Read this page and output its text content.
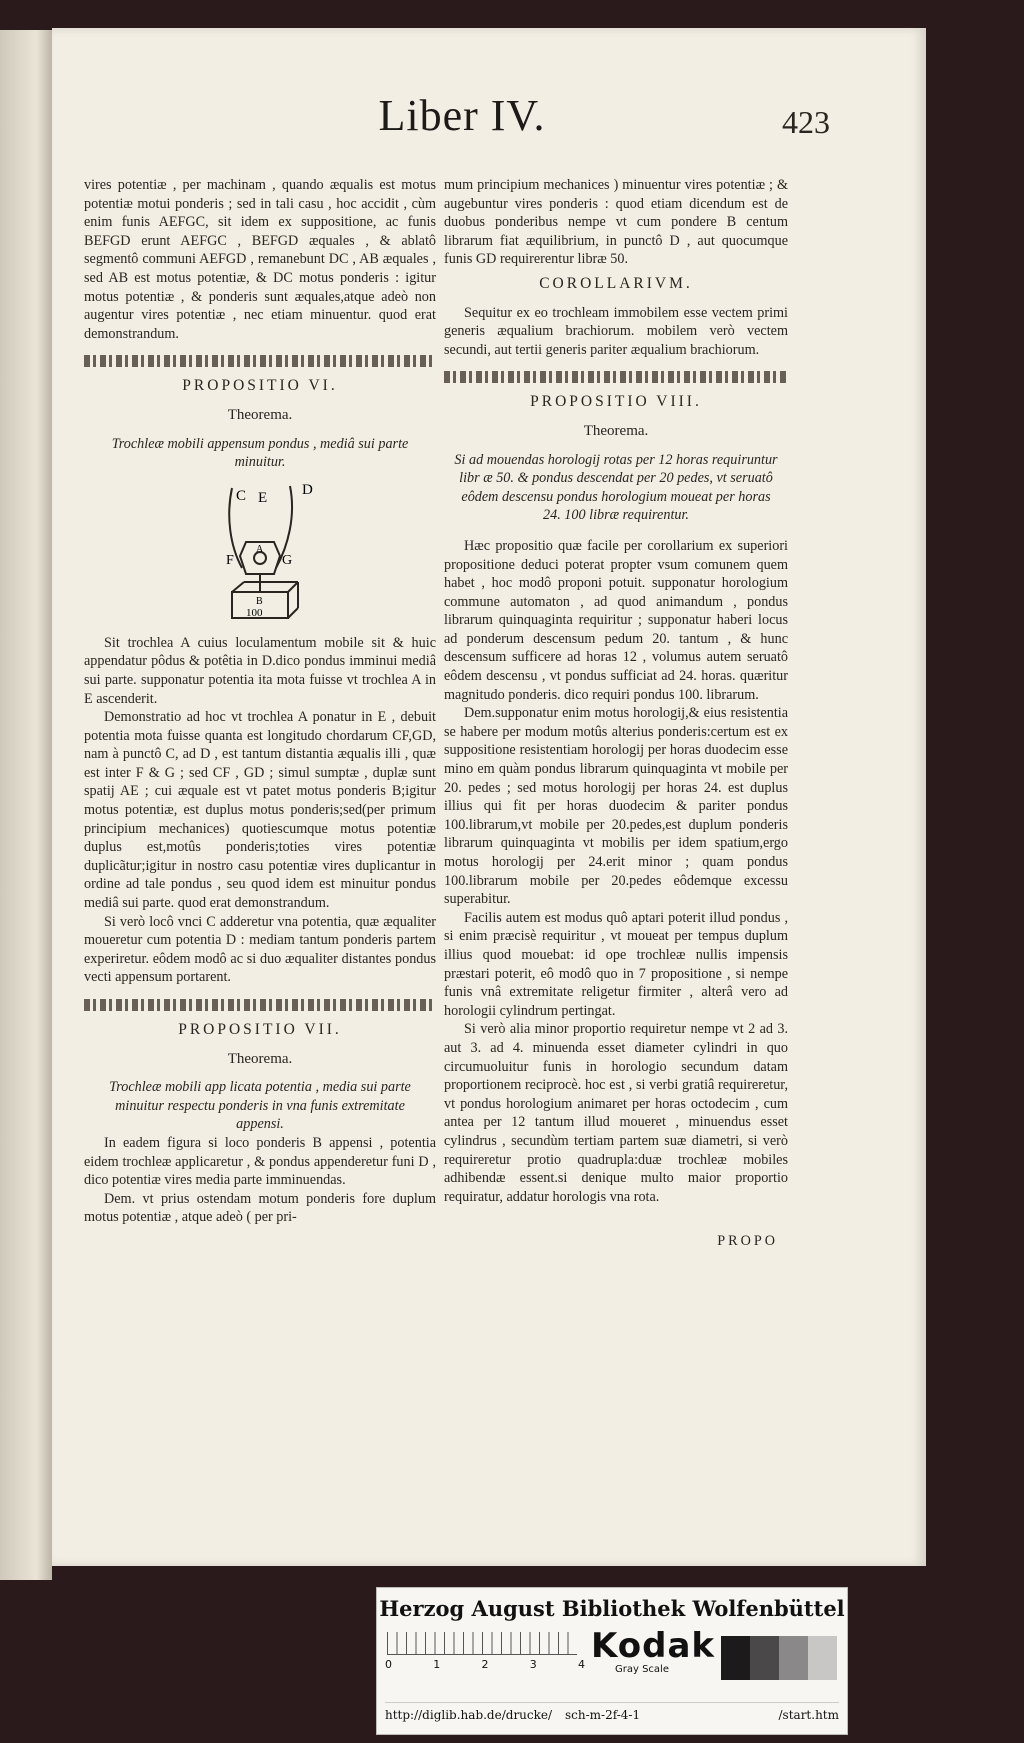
Liber IV.	423

vires potentiæ , per machinam , quando æqualis est motus potentiæ motui ponderis ; sed in tali casu , hoc accidit , cùm enim funis AEFGC, sit idem ex suppositione, ac funis BEFGD erunt AEFGC , BEFGD æquales , & ablatô segmentô communi AEFGD , remanebunt DC , AB æquales , sed AB est motus potentiæ, & DC motus ponderis : igitur motus potentiæ , & ponderis sunt æquales,atque adeò non augentur vires potentiæ , nec etiam minuentur. quod erat demonstrandum.

PROPOSITIO VI.
Theorema.

Trochleæ mobili appensum pondus , mediâ sui parte minuitur.

C E D
F
A
G
B
100

Sit trochlea A cuius loculamentum mobile sit & huic appendatur pôdus & potêtia in D.dico pondus imminui mediâ sui parte. supponatur potentia ita mota fuisse vt trochlea A in E ascenderit.

Demonstratio ad hoc vt trochlea A ponatur in E , debuit potentia mota fuisse quanta est longitudo chordarum CF,GD, nam à punctô C, ad D , est tantum distantia æqualis illi , quæ est inter F & G ; sed CF , GD ; simul sumptæ , duplæ sunt spatij AE ; cui æquale est vt patet motus ponderis B;igitur motus potentiæ, est duplus motus ponderis;sed(per primum principium mechanices) quotiescumque motus potentiæ duplus est,motûs ponderis;toties vires potentiæ duplicãtur;igitur in nostro casu potentiæ vires duplicantur in ordine ad tale pondus , seu quod idem est minuitur pondus mediâ sui parte. quod erat demonstrandum.

Si verò locô vnci C adderetur vna potentia, quæ æqualiter moueretur cum potentia D : mediam tantum ponderis partem experiretur. eôdem modô ac si duo æqualiter distantes pondus vecti appensum portarent.

PROPOSITIO VII.
Theorema.

Trochleæ mobili app licata potentia , media sui parte minuitur respectu ponderis in vna funis extremitate appensi.

In eadem figura si loco ponderis B appensi , potentia eidem trochleæ applicaretur , & pondus appenderetur funi D , dico potentiæ vires media parte imminuendas.

Dem. vt prius ostendam motum ponderis fore duplum motus potentiæ , atque adeò ( per pri-

mum principium mechanices ) minuentur vires potentiæ ; & augebuntur vires ponderis : quod etiam dicendum est de duobus ponderibus nempe vt cum pondere B centum librarum fiat æquilibrium, in punctô D , aut quocumque funis GD requirerentur libræ 50.

COROLLARIVM.

Sequitur ex eo trochleam immobilem esse vectem primi generis æqualium brachiorum. mobilem verò vectem secundi, aut tertii generis pariter æqualium brachiorum.

PROPOSITIO VIII.
Theorema.

Si ad mouendas horologij rotas per 12 horas requiruntur libr æ 50. & pondus descendat per 20 pedes, vt seruatô eôdem descensu pondus horologium moueat per horas 24. 100 libræ requirentur.

Hæc propositio quæ facile per corollarium ex superiori propositione deduci poterat propter vsum comunem quem habet , hoc modô proponi potuit. supponatur horologium commune automaton , ad quod animandum , pondus librarum quinquaginta requiritur ; supponatur haberi locus ad ponderum descensum pedum 20. tantum , & hunc descensum sufficere ad horas 12 , volumus autem seruatô eôdem descensu , vt pondus sufficiat ad 24. horas. quæritur magnitudo ponderis. dico requiri pondus 100. librarum.

Dem.supponatur enim motus horologij,& eius resistentia se habere per modum motûs alterius ponderis:certum est ex suppositione resistentiam horologij per horas duodecim esse mino em quàm pondus librarum quinquaginta vt mobile per 20. pedes ; sed motus horologij per horas 24. est duplus illius qui fit per horas duodecim & pariter pondus 100.librarum,vt mobile per 20.pedes,est duplum ponderis librarum quinquaginta vt mobilis per idem spatium,ergo motus horologij per 24.erit minor ; quam pondus 100.librarum mobile per 20.pedes eôdemque excessu superabitur.

Facilis autem est modus quô aptari poterit illud pondus , si enim præcisè requiritur , vt moueat per tempus duplum illius quod mouebat: id ope trochleæ nullis impensis præstari poterit, eô modô quo in 7 propositione , si nempe funis vnâ extremitate religetur firmiter , alterâ vero ad horologii cylindrum pertingat.

Si verò alia minor proportio requiretur nempe vt 2 ad 3. aut 3. ad 4. minuenda esset diameter cylindri in quo circumuoluitur funis in horologio secundum datam proportionem reciprocè. hoc est , si verbi gratiâ requireretur, vt pondus horologium animaret per horas octodecim , cum antea per 12 tantum illud moueret , minuendus esset cylindrus , secundùm tertiam partem suæ diametri, si verò requireretur protio quadrupla:duæ trochleæ mobiles adhibendæ essent.si denique multo maior proportio requiratur, addatur horologis vna rota.

PROPO
Herzog August Bibliothek Wolfenbüttel
0	1	2	3	4 Kodak
Gray Scale
http://diglib.hab.de/drucke/ sch-m-2f-4-1	/start.htm
